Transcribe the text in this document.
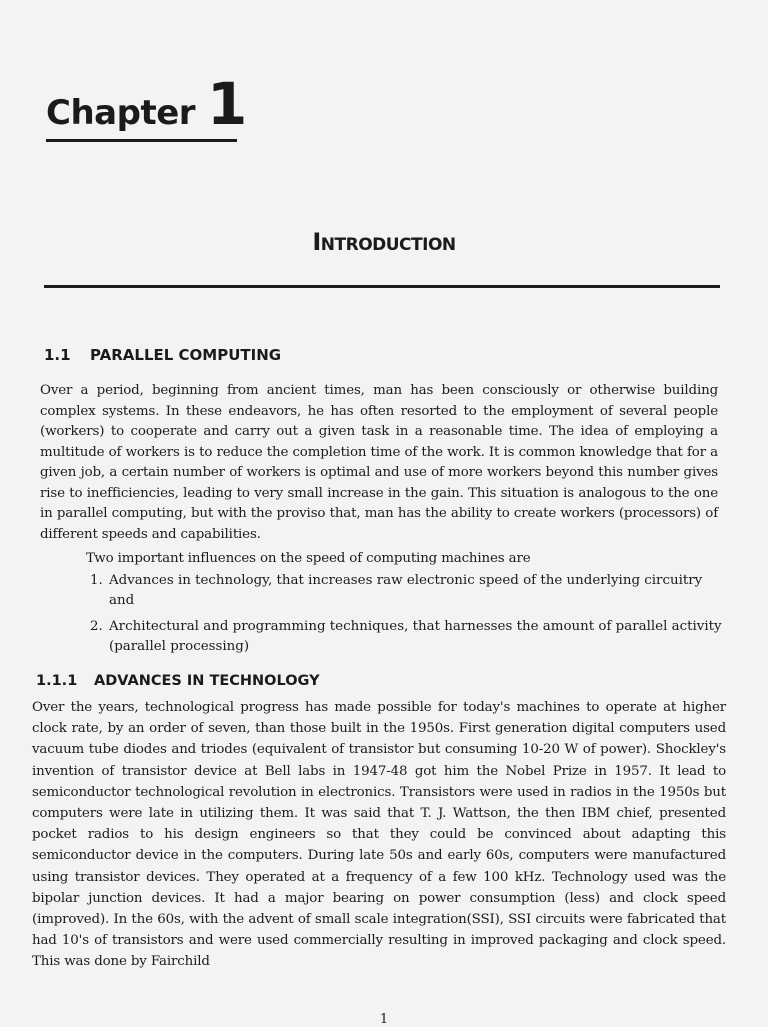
Chapter 1
Introduction
1.1 PARALLEL COMPUTING
Over a period, beginning from ancient times, man has been consciously or otherwise building complex systems. In these endeavors, he has often resorted to the employment of several people (workers) to cooperate and carry out a given task in a reasonable time. The idea of employing a multitude of workers is to reduce the completion time of the work. It is common knowledge that for a given job, a certain number of workers is optimal and use of more workers beyond this number gives rise to inefficiencies, leading to very small increase in the gain. This situation is analogous to the one in parallel computing, but with the proviso that, man has the ability to create workers (processors) of different speeds and capabilities.
Two important influences on the speed of computing machines are
1. Advances in technology, that increases raw electronic speed of the underlying circuitry and
2. Architectural and programming techniques, that harnesses the amount of parallel activity (parallel processing)
1.1.1 ADVANCES IN TECHNOLOGY
Over the years, technological progress has made possible for today's machines to operate at higher clock rate, by an order of seven, than those built in the 1950s. First generation digital computers used vacuum tube diodes and triodes (equivalent of transistor but consuming 10-20 W of power). Shockley's invention of transistor device at Bell labs in 1947-48 got him the Nobel Prize in 1957. It lead to semiconductor technological revolution in electronics. Transistors were used in radios in the 1950s but computers were late in utilizing them. It was said that T. J. Wattson, the then IBM chief, presented pocket radios to his design engineers so that they could be convinced about adapting this semiconductor device in the computers. During late 50s and early 60s, computers were manufactured using transistor devices. They operated at a frequency of a few 100 kHz. Technology used was the bipolar junction devices. It had a major bearing on power consumption (less) and clock speed (improved). In the 60s, with the advent of small scale integration(SSI), SSI circuits were fabricated that had 10's of transistors and were used commercially resulting in improved packaging and clock speed. This was done by Fairchild
1
